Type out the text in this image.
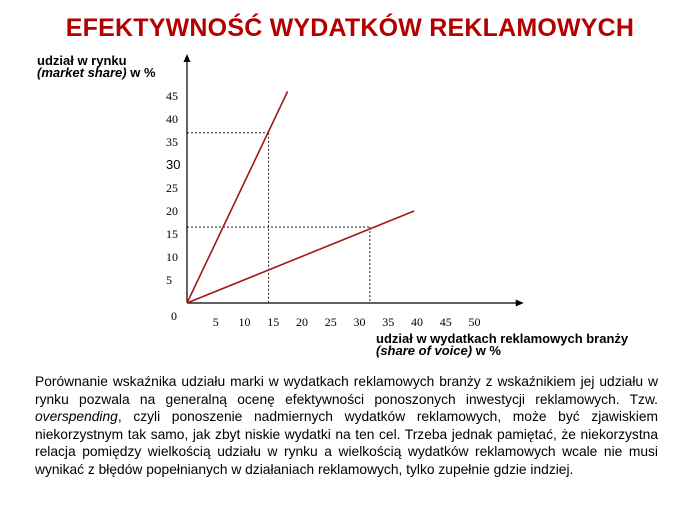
EFEKTYWNOŚĆ WYDATKÓW REKLAMOWYCH
udział w rynku
(market share) w %
0	5 10 15 20 25 30 35 40 45 50
5
10
15
20
25
30
35
40
45
udział w wydatkach reklamowych branży
(share of voice) w %
Porównanie wskaźnika udziału marki w wydatkach reklamowych branży z wskaźnikiem jej udziału w rynku pozwala na generalną ocenę efektywności ponoszonych inwestycji reklamowych. Tzw. overspending, czyli ponoszenie nadmiernych wydatków reklamowych, może być zjawiskiem niekorzystnym tak samo, jak zbyt niskie wydatki na ten cel. Trzeba jednak pamiętać, że niekorzystna relacja pomiędzy wielkością udziału w rynku a wielkością wydatków reklamowych wcale nie musi wynikać z błędów popełnianych w działaniach reklamowych, tylko zupełnie gdzie indziej.
